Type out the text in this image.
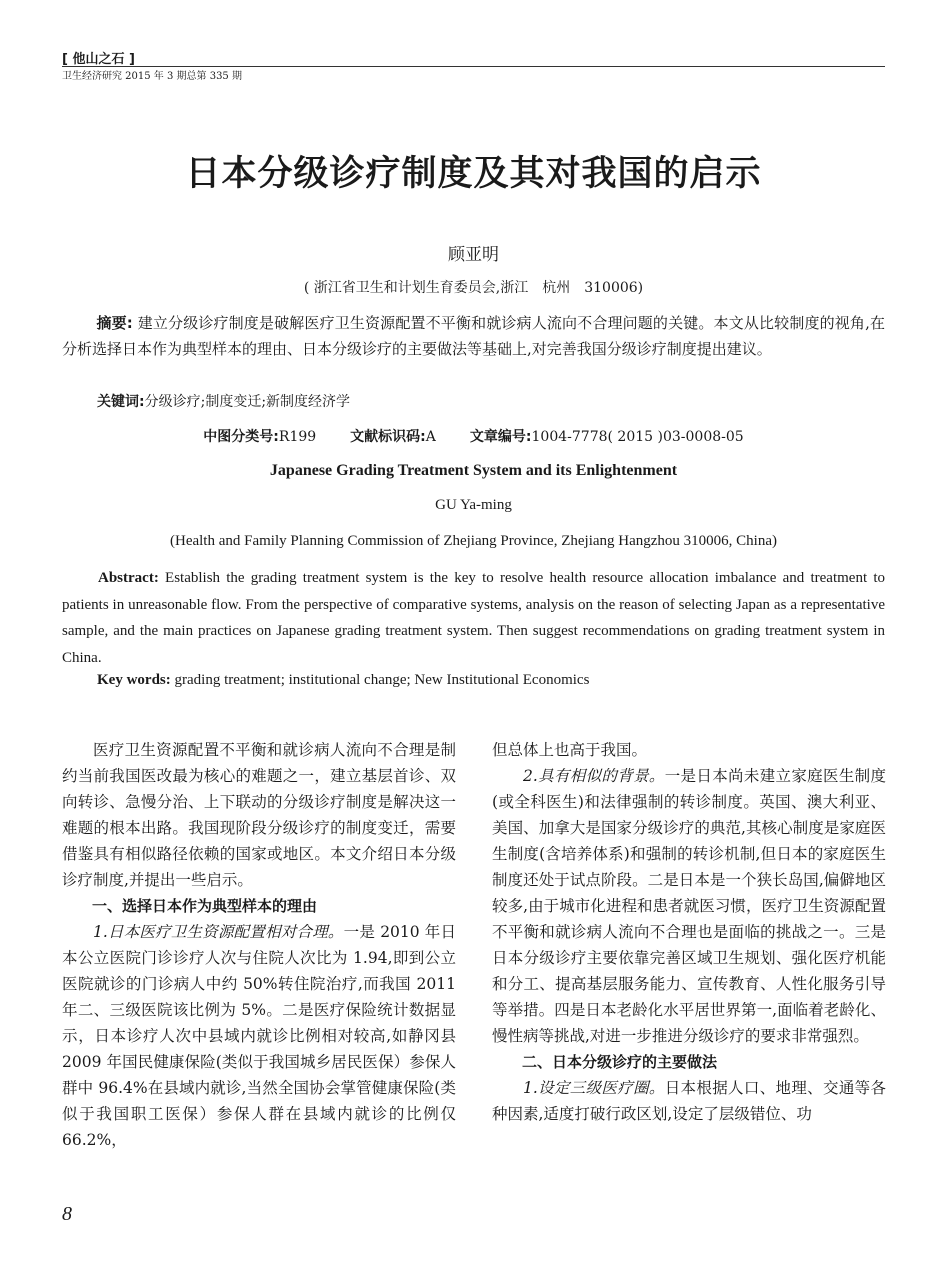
[ 他山之石 ]
卫生经济研究 2015 年 3 期总第 335 期
日本分级诊疗制度及其对我国的启示
顾亚明
( 浙江省卫生和计划生育委员会,浙江　杭州　310006)
摘要: 建立分级诊疗制度是破解医疗卫生资源配置不平衡和就诊病人流向不合理问题的关键。本文从比较制度的视角,在分析选择日本作为典型样本的理由、日本分级诊疗的主要做法等基础上,对完善我国分级诊疗制度提出建议。
关键词:分级诊疗;制度变迁;新制度经济学
中图分类号:R199 文献标识码:A 文章编号:1004-7778( 2015 )03-0008-05
Japanese Grading Treatment System and its Enlightenment
GU Ya-ming
(Health and Family Planning Commission of Zhejiang Province, Zhejiang Hangzhou 310006, China)
Abstract: Establish the grading treatment system is the key to resolve health resource allocation imbalance and treatment to patients in unreasonable flow. From the perspective of comparative systems, analysis on the reason of selecting Japan as a representative sample, and the main practices on Japanese grading treatment system. Then suggest recommendations on grading treatment system in China.
Key words: grading treatment; institutional change; New Institutional Economics

医疗卫生资源配置不平衡和就诊病人流向不合理是制约当前我国医改最为核心的难题之一，建立基层首诊、双向转诊、急慢分治、上下联动的分级诊疗制度是解决这一难题的根本出路。我国现阶段分级诊疗的制度变迁，需要借鉴具有相似路径依赖的国家或地区。本文介绍日本分级诊疗制度,并提出一些启示。

一、选择日本作为典型样本的理由

1.日本医疗卫生资源配置相对合理。一是 2010 年日本公立医院门诊诊疗人次与住院人次比为 1.94,即到公立医院就诊的门诊病人中约 50%转住院治疗,而我国 2011 年二、三级医院该比例为 5%。二是医疗保险统计数据显示，日本诊疗人次中县域内就诊比例相对较高,如静冈县 2009 年国民健康保险(类似于我国城乡居民医保）参保人群中 96.4%在县域内就诊,当然全国协会掌管健康保险(类似于我国职工医保）参保人群在县域内就诊的比例仅 66.2%，

但总体上也高于我国。

2.具有相似的背景。一是日本尚未建立家庭医生制度(或全科医生)和法律强制的转诊制度。英国、澳大利亚、美国、加拿大是国家分级诊疗的典范,其核心制度是家庭医生制度(含培养体系)和强制的转诊机制,但日本的家庭医生制度还处于试点阶段。二是日本是一个狭长岛国,偏僻地区较多,由于城市化进程和患者就医习惯，医疗卫生资源配置不平衡和就诊病人流向不合理也是面临的挑战之一。三是日本分级诊疗主要依靠完善区域卫生规划、强化医疗机能和分工、提高基层服务能力、宣传教育、人性化服务引导等举措。四是日本老龄化水平居世界第一,面临着老龄化、慢性病等挑战,对进一步推进分级诊疗的要求非常强烈。

二、日本分级诊疗的主要做法

1.设定三级医疗圈。日本根据人口、地理、交通等各种因素,适度打破行政区划,设定了层级错位、功

8
